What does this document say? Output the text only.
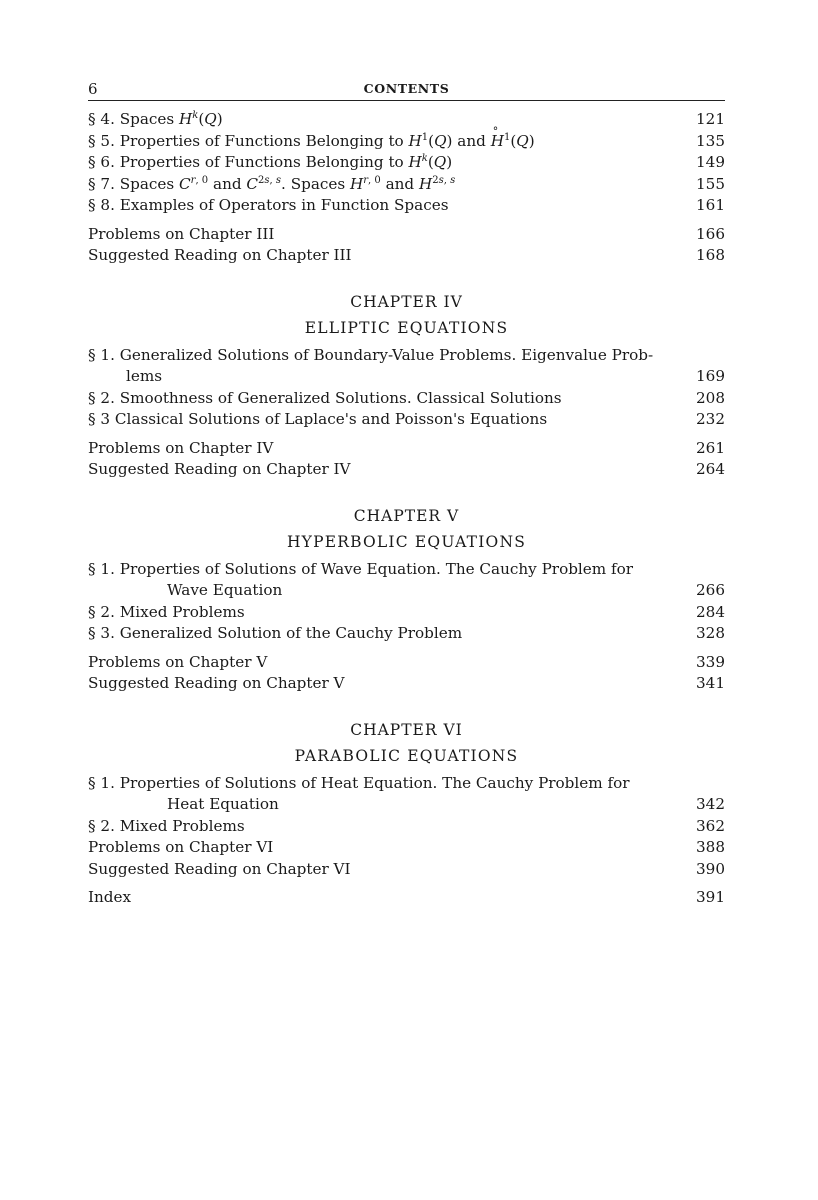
6	CONTENTS
§ 4. Spaces $H^k(Q)$	121
§ 5. Properties of Functions Belonging to $H^1(Q)$ and ° $H^1(Q)$	135
§ 6. Properties of Functions Belonging to $H^k(Q)$	149
§ 7. Spaces C$^{r, 0}$ and $C^{2s, s}$. Spaces H$^{r, 0}$ and $H^{2s, s}$	155
§ 8. Examples of Operators in Function Spaces	161
Problems on Chapter III	166
Suggested Reading on Chapter III	168
CHAPTER IV
ELLIPTIC EQUATIONS
§ 1. Generalized Solutions of Boundary-Value Problems. Eigenvalue Prob-
lems	169
§ 2. Smoothness of Generalized Solutions. Classical Solutions	208
§ 3 Classical Solutions of Laplace's and Poisson's Equations	232
Problems on Chapter IV	261
Suggested Reading on Chapter IV	264
CHAPTER V
HYPERBOLIC EQUATIONS
§ 1. Properties of Solutions of Wave Equation. The Cauchy Problem for
Wave Equation	266
§ 2. Mixed Problems	284
§ 3. Generalized Solution of the Cauchy Problem	328
Problems on Chapter V	339
Suggested Reading on Chapter V	341
CHAPTER VI
PARABOLIC EQUATIONS
§ 1. Properties of Solutions of Heat Equation. The Cauchy Problem for
Heat Equation	342
§ 2. Mixed Problems	362
Problems on Chapter VI	388
Suggested Reading on Chapter VI	390
Index	391
